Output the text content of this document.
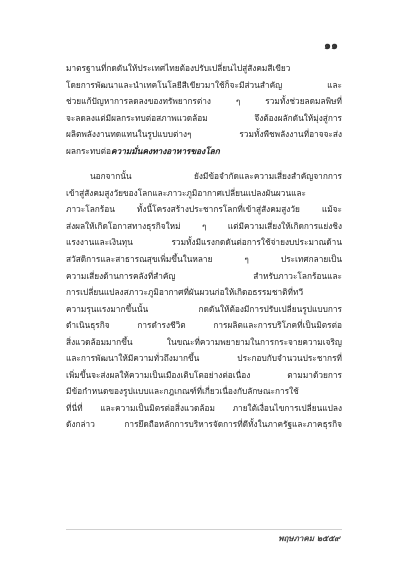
๑๑
มาตรฐานที่กดดันให้ประเทศไทยต้องปรับเปลี่ยนไปสู่สังคมสีเขียว
โดยการพัฒนาและนำเทคโนโลยีสีเขียวมาใช้ก็จะมีส่วนสำคัญ และ
ช่วยแก้ปัญหาการลดลงของทรัพยากรต่าง ๆ รวมทั้งช่วยลดมลพิษที่
จะลดลงแต่มีผลกระทบต่อสภาพแวดล้อม จึงต้องผลักดันให้มุ่งสู่การ
ผลิตพลังงานทดแทนในรูปแบบต่างๆ รวมทั้งพืชพลังงานที่อาจจะส่ง
ผลกระทบต่อความมั่นคงทางอาหารของโลก
นอกจากนั้น ยังมีข้อจำกัดและความเสี่ยงสำคัญจากการ
เข้าสู่สังคมสูงวัยของโลกและภาวะภูมิอากาศเปลี่ยนแปลงผันผวนและ
ภาวะโลกร้อน ทั้งนี้โครงสร้างประชากรโลกที่เข้าสู่สังคมสูงวัย แม้จะ
ส่งผลให้เกิดโอกาสทางธุรกิจใหม่ ๆ แต่มีความเสี่ยงให้เกิดการแย่งชิง
แรงงานและเงินทุน รวมทั้งมีแรงกดดันต่อการใช้จ่ายงบประมาณด้าน
สวัสดิการและสาธารณสุขเพิ่มขึ้นในหลาย ๆ ประเทศกลายเป็น
ความเสี่ยงด้านการคลังที่สำคัญ สำหรับภาวะโลกร้อนและ
การเปลี่ยนแปลงสภาวะภูมิอากาศที่ผันผวนก่อให้เกิดอธรรมชาติที่ทวี
ความรุนแรงมากขึ้นนั้น กดดันให้ต้องมีการปรับเปลี่ยนรูปแบบการ
ดำเนินธุรกิจ การดำรงชีวิต การผลิตและการบริโภคที่เป็นมิตรต่อ
สิ่งแวดล้อมมากขึ้น ในขณะที่ความพยายามในการกระจายความเจริญ
และการพัฒนาให้มีความทั่วถึงมากขึ้น ประกอบกับจำนวนประชากรที่
เพิ่มขึ้นจะส่งผลให้ความเป็นเมืองเติบโตอย่างต่อเนื่อง ตามมาด้วยการ
มีข้อกำหนดของรูปแบบและกฎเกณฑ์ที่เกี่ยวเนื่องกับลักษณะการใช้
ที่นี่ที่ และความเป็นมิตรต่อสิ่งแวดล้อม ภายใต้เงื่อนไขการเปลี่ยนแปลง
ดังกล่าว การยึดถือหลักการบริหารจัดการที่ดีทั้งในภาครัฐและภาคธุรกิจ
พฤษภาคม ๒๕๕๙
